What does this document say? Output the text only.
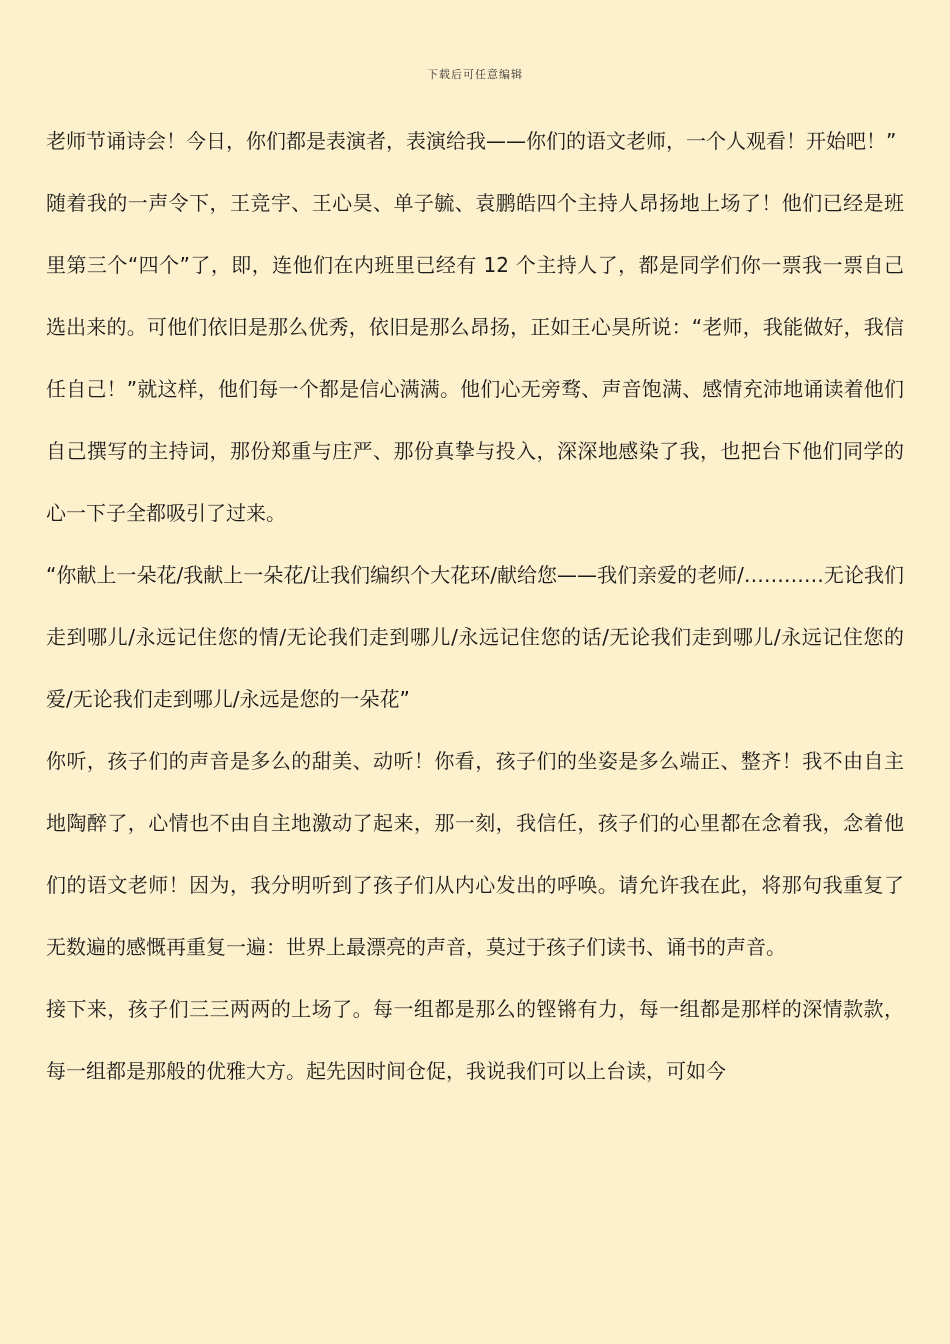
下载后可任意编辑

老师节诵诗会！今日，你们都是表演者，表演给我——你们的语文老师，一个人观看！开始吧！”

随着我的一声令下，王竞宇、王心昊、单子毓、袁鹏皓四个主持人昂扬地上场了！他们已经是班里第三个“四个”了，即，连他们在内班里已经有 12 个主持人了，都是同学们你一票我一票自己选出来的。可他们依旧是那么优秀，依旧是那么昂扬，正如王心昊所说：“老师，我能做好，我信任自己！”就这样，他们每一个都是信心满满。他们心无旁骛、声音饱满、感情充沛地诵读着他们自己撰写的主持词，那份郑重与庄严、那份真挚与投入，深深地感染了我，也把台下他们同学的心一下子全都吸引了过来。

“你献上一朵花/我献上一朵花/让我们编织个大花环/献给您——我们亲爱的老师/…………无论我们走到哪儿/永远记住您的情/无论我们走到哪儿/永远记住您的话/无论我们走到哪儿/永远记住您的爱/无论我们走到哪儿/永远是您的一朵花”

你听，孩子们的声音是多么的甜美、动听！你看，孩子们的坐姿是多么端正、整齐！我不由自主地陶醉了，心情也不由自主地激动了起来，那一刻，我信任，孩子们的心里都在念着我，念着他们的语文老师！因为，我分明听到了孩子们从内心发出的呼唤。请允许我在此，将那句我重复了无数遍的感慨再重复一遍：世界上最漂亮的声音，莫过于孩子们读书、诵书的声音。

接下来，孩子们三三两两的上场了。每一组都是那么的铿锵有力，每一组都是那样的深情款款，每一组都是那般的优雅大方。起先因时间仓促，我说我们可以上台读，可如今
